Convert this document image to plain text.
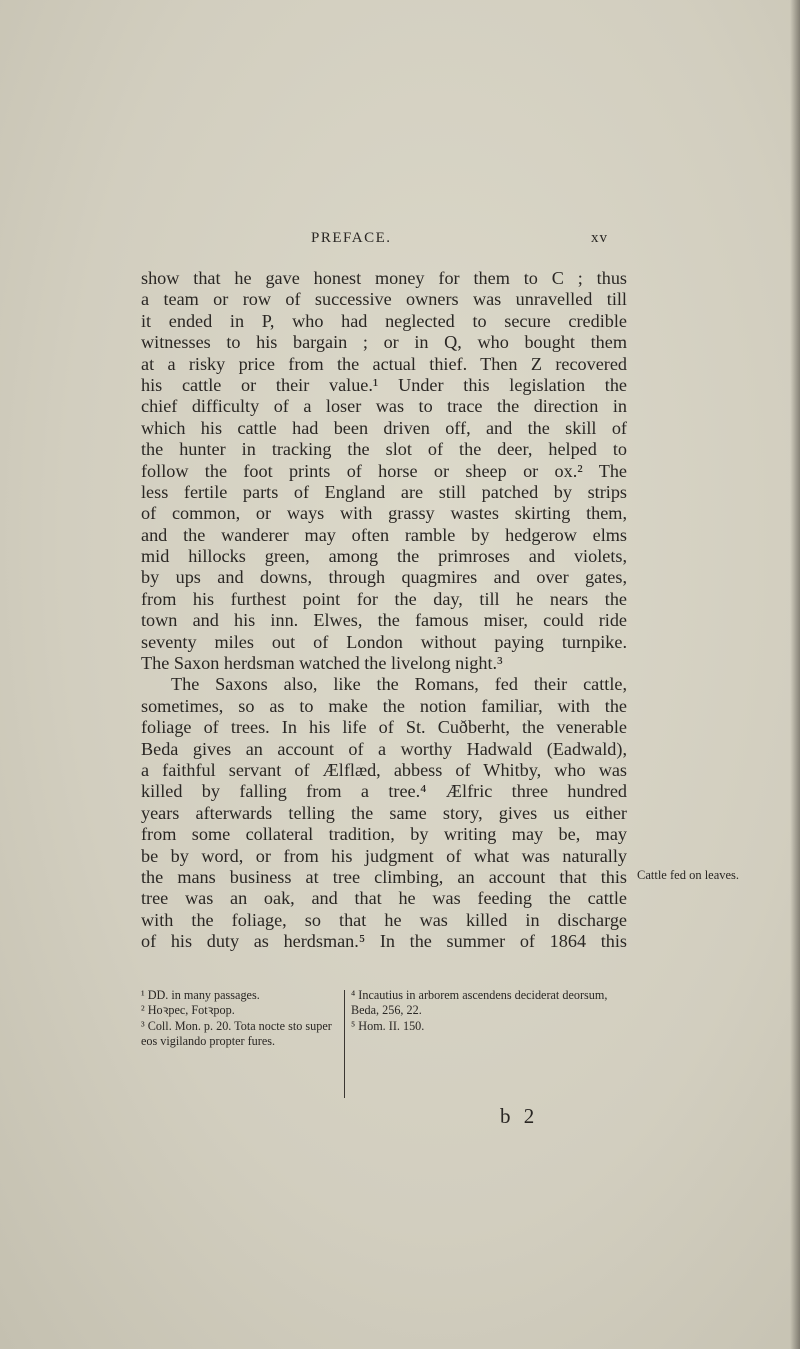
PREFACE.	xv
show that he gave honest money for them to C ; thus
a team or row of successive owners was unravelled till
it ended in P, who had neglected to secure credible
witnesses to his bargain ; or in Q, who bought them
at a risky price from the actual thief. Then Z recovered
his cattle or their value.¹ Under this legislation the
chief difficulty of a loser was to trace the direction in
which his cattle had been driven off, and the skill of
the hunter in tracking the slot of the deer, helped to
follow the foot prints of horse or sheep or ox.² The
less fertile parts of England are still patched by strips
of common, or ways with grassy wastes skirting them,
and the wanderer may often ramble by hedgerow elms
mid hillocks green, among the primroses and violets,
by ups and downs, through quagmires and over gates,
from his furthest point for the day, till he nears the
town and his inn. Elwes, the famous miser, could ride
seventy miles out of London without paying turnpike.
The Saxon herdsman watched the livelong night.³
The Saxons also, like the Romans, fed their cattle,
sometimes, so as to make the notion familiar, with the
foliage of trees. In his life of St. Cuðberht, the venerable
Beda gives an account of a worthy Hadwald (Eadwald),
a faithful servant of Ælflæd, abbess of Whitby, who was
killed by falling from a tree.⁴ Ælfric three hundred
years afterwards telling the same story, gives us either
from some collateral tradition, by writing may be, may
be by word, or from his judgment of what was naturally
the mans business at tree climbing, an account that this
tree was an oak, and that he was feeding the cattle
with the foliage, so that he was killed in discharge
of his duty as herdsman.⁵ In the summer of 1864 this
Cattle fed on leaves.
¹ DD. in many passages.
² Hoꝛpec, Fotꝛpop.
³ Coll. Mon. p. 20. Tota nocte sto super eos vigilando propter fures.
⁴ Incautius in arborem ascendens deciderat deorsum, Beda, 256, 22.
⁵ Hom. II. 150.
b 2
